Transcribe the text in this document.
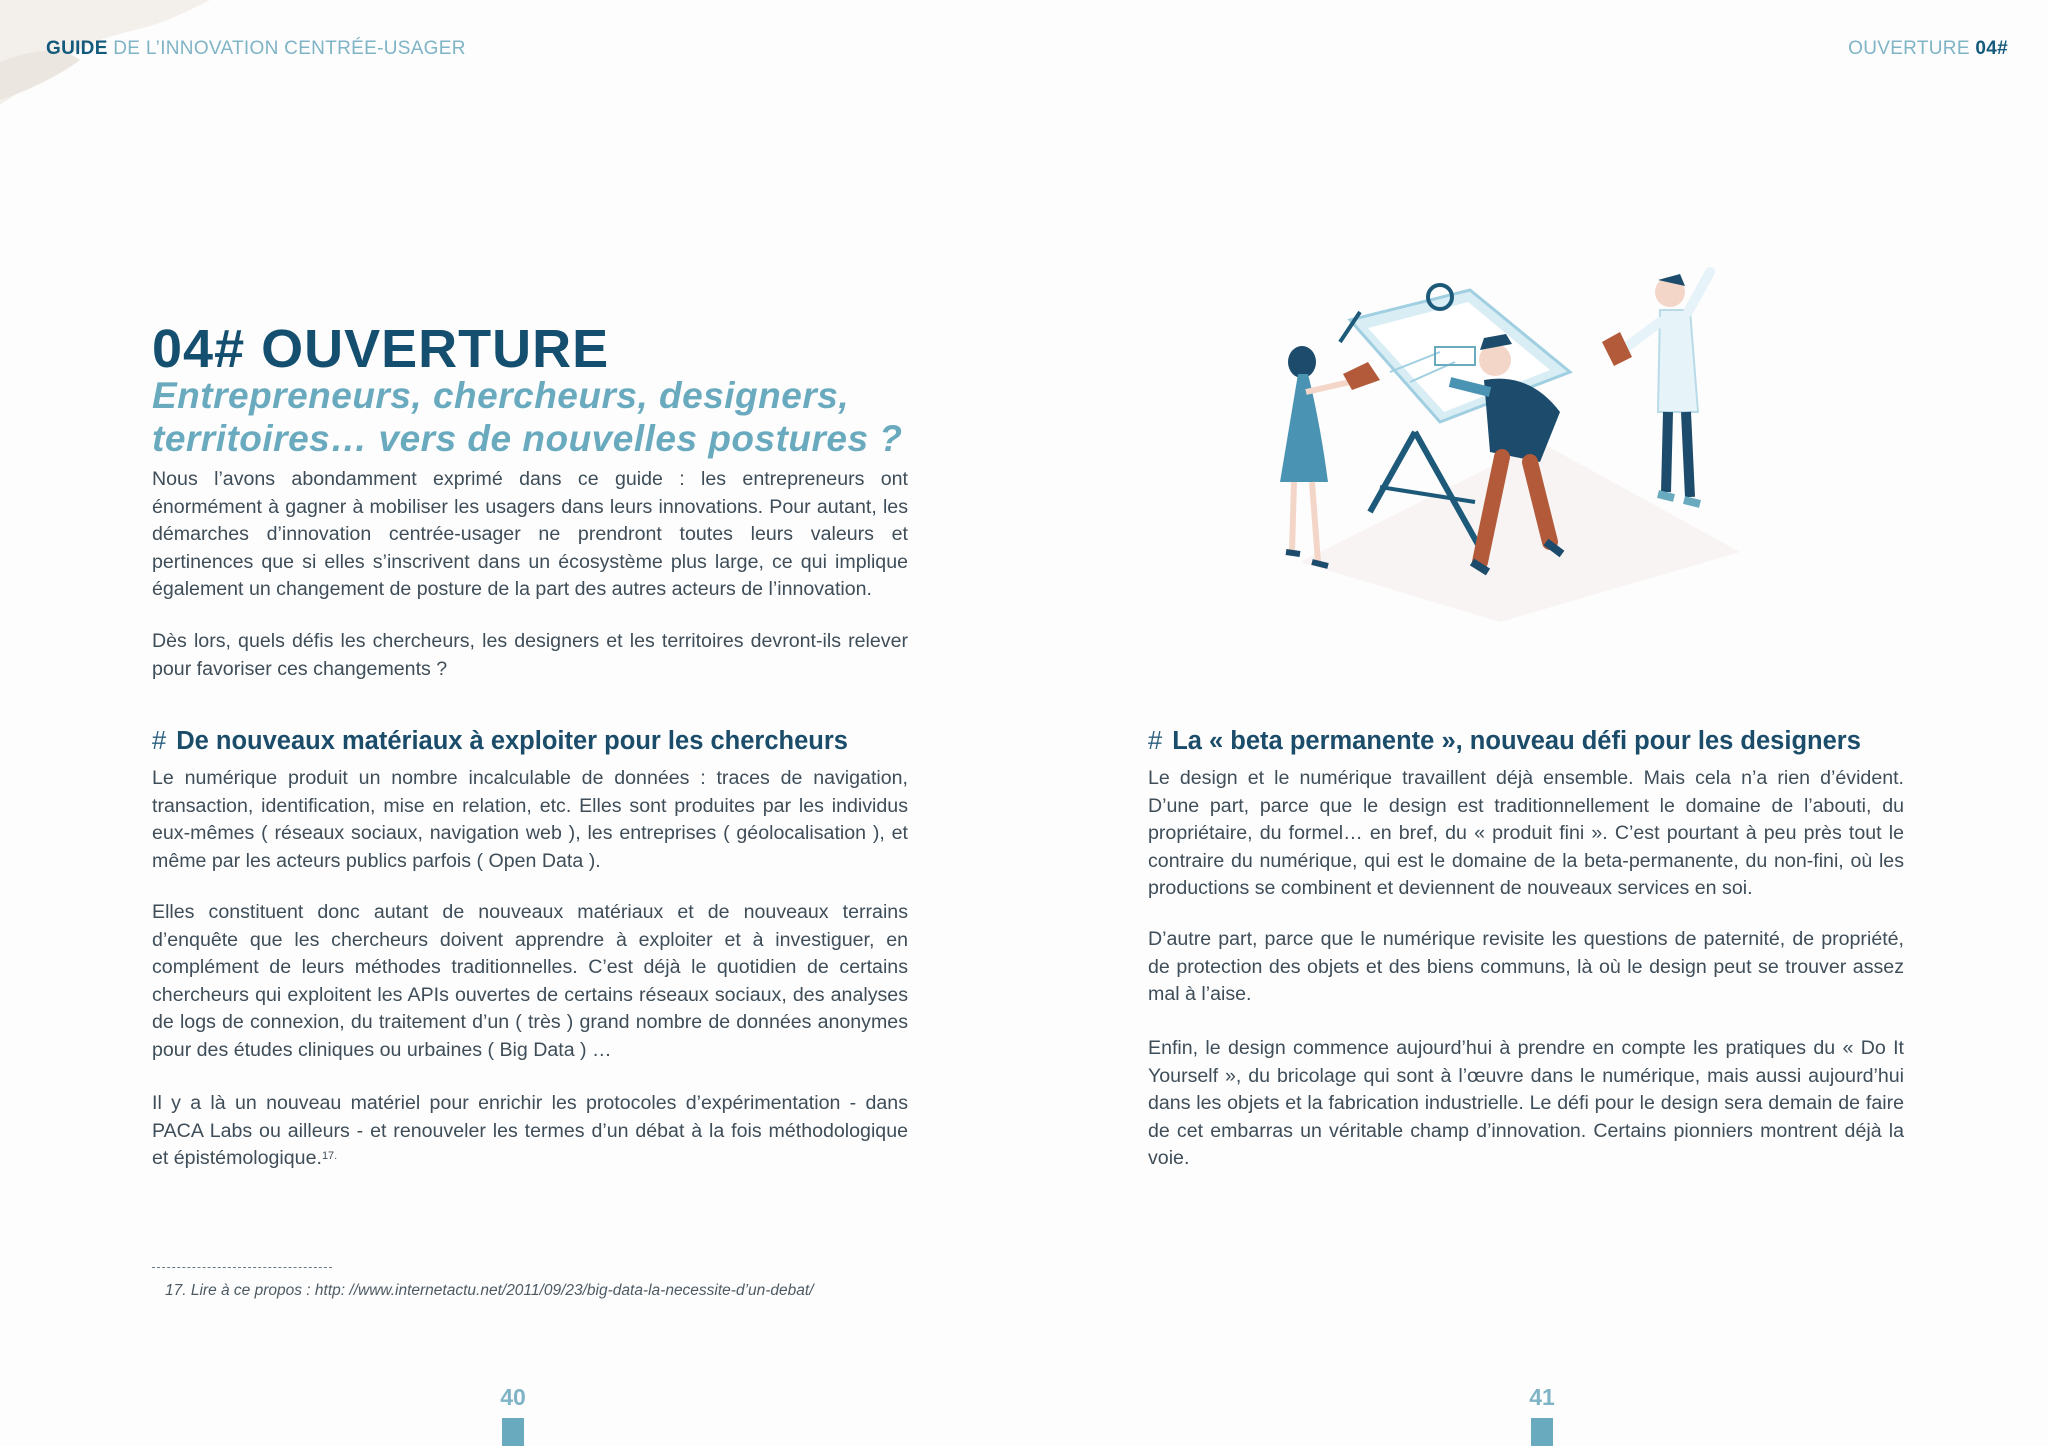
GUIDE DE L’INNOVATION CENTRÉE-USAGER	OUVERTURE 04#
04# OUVERTURE
Entrepreneurs, chercheurs, designers,
territoires… vers de nouvelles postures ?

Nous l’avons abondamment exprimé dans ce guide : les entrepreneurs ont énormément à gagner à mobiliser les usagers dans leurs innovations. Pour autant, les démarches d’innovation centrée-usager ne prendront toutes leurs valeurs et pertinences que si elles s’inscrivent dans un écosystème plus large, ce qui implique également un changement de posture de la part des autres acteurs de l’innovation.

Dès lors, quels défis les chercheurs, les designers et les territoires devront-ils relever pour favoriser ces changements ?

# De nouveaux matériaux à exploiter pour les chercheurs

Le numérique produit un nombre incalculable de données : traces de navigation, transaction, identification, mise en relation, etc. Elles sont produites par les individus eux-mêmes ( réseaux sociaux, navigation web ), les entreprises ( géolocalisation ), et même par les acteurs publics parfois ( Open Data ).

Elles constituent donc autant de nouveaux matériaux et de nouveaux terrains d’enquête que les chercheurs doivent apprendre à exploiter et à investiguer, en complément de leurs méthodes traditionnelles. C’est déjà le quotidien de certains chercheurs qui exploitent les APIs ouvertes de certains réseaux sociaux, des analyses de logs de connexion, du traitement d’un ( très ) grand nombre de données anonymes pour des études cliniques ou urbaines ( Big Data ) …

Il y a là un nouveau matériel pour enrichir les protocoles d’expérimentation - dans PACA Labs ou ailleurs - et renouveler les termes d’un débat à la fois méthodologique et épistémologique.$^{17.}$

# La « beta permanente », nouveau défi pour les designers

Le design et le numérique travaillent déjà ensemble. Mais cela n’a rien d’évident. D’une part, parce que le design est traditionnellement le domaine de l’abouti, du propriétaire, du formel… en bref, du « produit fini ». C’est pourtant à peu près tout le contraire du numérique, qui est le domaine de la beta-permanente, du non-fini, où les productions se combinent et deviennent de nouveaux services en soi.

D’autre part, parce que le numérique revisite les questions de paternité, de propriété, de protection des objets et des biens communs, là où le design peut se trouver assez mal à l’aise.

Enfin, le design commence aujourd’hui à prendre en compte les pratiques du « Do It Yourself », du bricolage qui sont à l’œuvre dans le numérique, mais aussi aujourd’hui dans les objets et la fabrication industrielle. Le défi pour le design sera demain de faire de cet embarras un véritable champ d’innovation. Certains pionniers montrent déjà la voie.

17. Lire à ce propos : http: //www.internetactu.net/2011/09/23/big-data-la-necessite-d’un-debat/

40	41
